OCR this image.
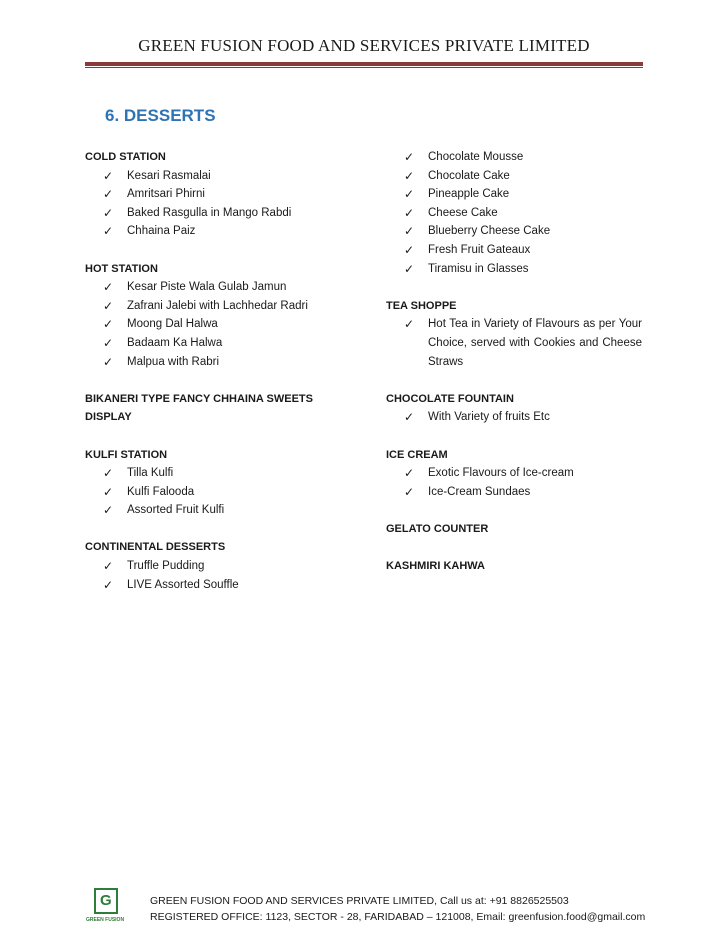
GREEN FUSION FOOD AND SERVICES PRIVATE LIMITED
6. DESSERTS
COLD STATION
✓	Kesari Rasmalai
✓	Amritsari Phirni
✓	Baked Rasgulla in Mango Rabdi
✓	Chhaina Paiz
HOT STATION
✓	Kesar Piste Wala Gulab Jamun
✓	Zafrani Jalebi with Lachhedar Radri
✓	Moong Dal Halwa
✓	Badaam Ka Halwa
✓	Malpua with Rabri
BIKANERI TYPE FANCY CHHAINA SWEETS
DISPLAY
KULFI STATION
✓	Tilla Kulfi
✓	Kulfi Falooda
✓	Assorted Fruit Kulfi
CONTINENTAL DESSERTS
✓	Truffle Pudding
✓	LIVE Assorted Souffle
✓	Chocolate Mousse
✓	Chocolate Cake
✓	Pineapple Cake
✓	Cheese Cake
✓	Blueberry Cheese Cake
✓	Fresh Fruit Gateaux
✓	Tiramisu in Glasses
TEA SHOPPE
✓	Hot Tea in Variety of Flavours as per Your Choice, served with Cookies and Cheese Straws
CHOCOLATE FOUNTAIN
✓	With Variety of fruits Etc
ICE CREAM
✓	Exotic Flavours of Ice-cream
✓	Ice-Cream Sundaes
GELATO COUNTER
KASHMIRI KAHWA
G
GREEN FUSION
GREEN FUSION FOOD AND SERVICES PRIVATE LIMITED, Call us at: +91 8826525503
REGISTERED OFFICE: 1123, SECTOR - 28, FARIDABAD – 121008, Email: greenfusion.food@gmail.com
